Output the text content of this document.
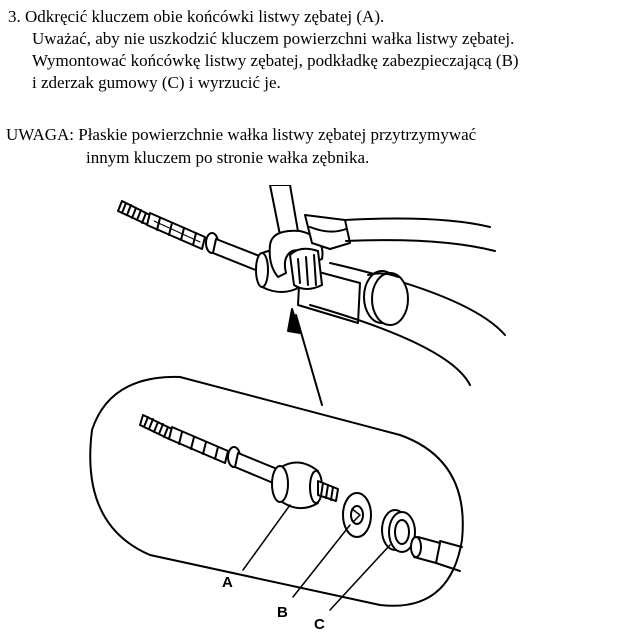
3. Odkręcić kluczem obie końcówki listwy zębatej (A).
Uważać, aby nie uszkodzić kluczem powierzchni wałka listwy zębatej.
Wymontować końcówkę listwy zębatej, podkładkę zabezpieczającą (B)
i zderzak gumowy (C) i wyrzucić je.
UWAGA: Płaskie powierzchnie wałka listwy zębatej przytrzymywać
innym kluczem po stronie wałka zębnika.
A
B
C
